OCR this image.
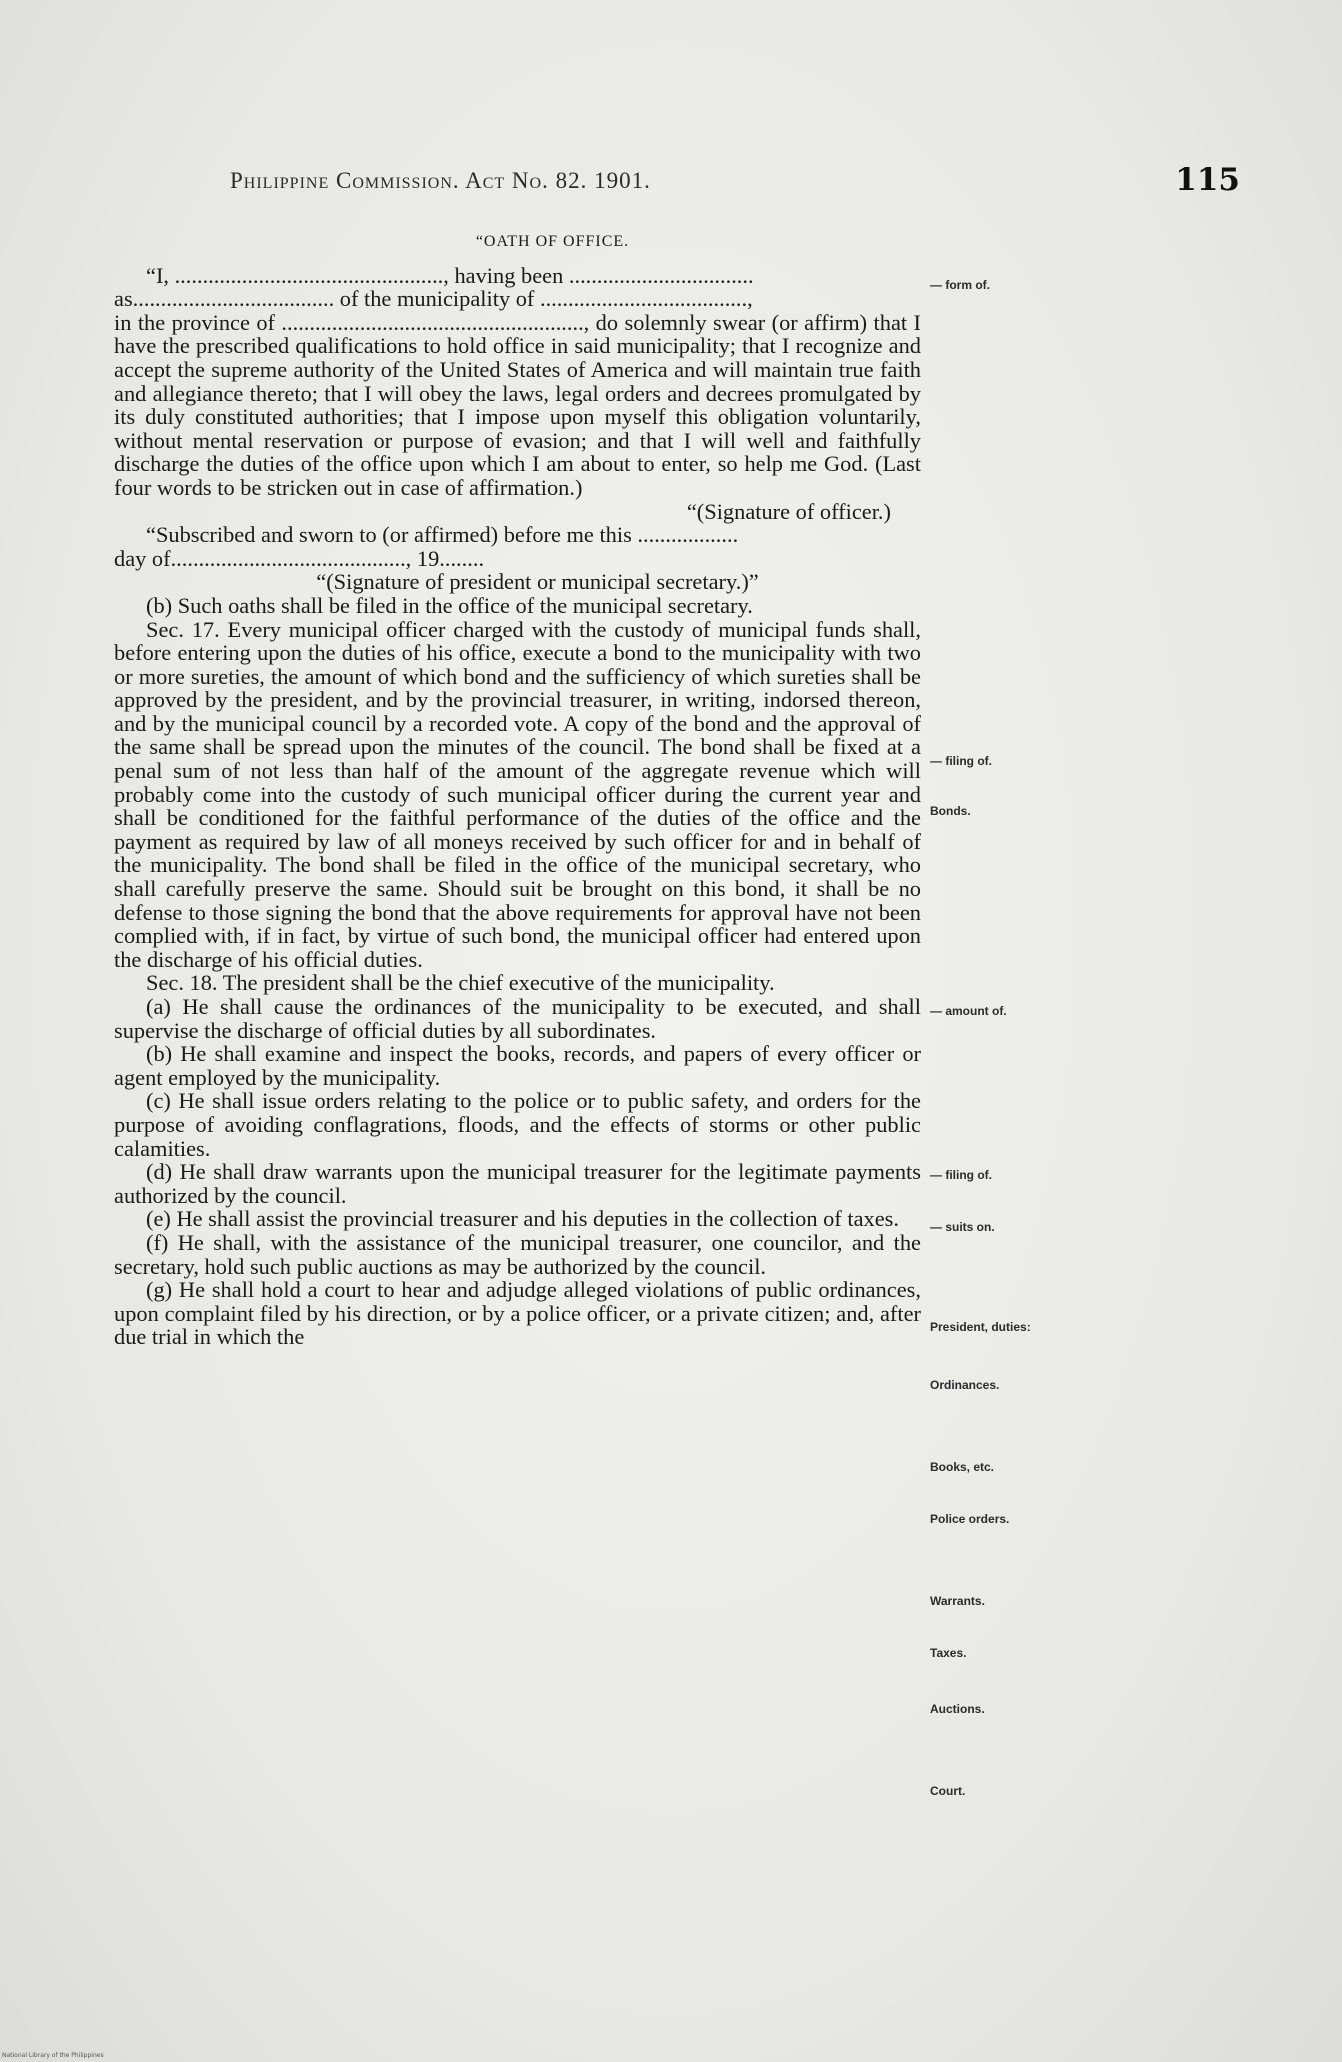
Philippine Commission. Act No. 82. 1901.	115

“OATH OF OFFICE.

“I, ................................................, having been .................................

as.................................... of the municipality of .....................................,

in the province of ......................................................, do solemnly swear (or affirm) that I have the prescribed qualifications to hold office in said municipality; that I recognize and accept the supreme authority of the United States of America and will maintain true faith and allegiance thereto; that I will obey the laws, legal orders and decrees promulgated by its duly constituted authorities; that I impose upon myself this obligation voluntarily, without mental reservation or purpose of evasion; and that I will well and faithfully discharge the duties of the office upon which I am about to enter, so help me God. (Last four words to be stricken out in case of affirmation.)

“(Signature of officer.)

“Subscribed and sworn to (or affirmed) before me this ..................

day of.........................................., 19........

“(Signature of president or municipal secretary.)”

(b) Such oaths shall be filed in the office of the municipal secretary.

Sec. 17. Every municipal officer charged with the custody of municipal funds shall, before entering upon the duties of his office, execute a bond to the municipality with two or more sureties, the amount of which bond and the sufficiency of which sureties shall be approved by the president, and by the provincial treasurer, in writing, indorsed thereon, and by the municipal council by a recorded vote. A copy of the bond and the approval of the same shall be spread upon the minutes of the council. The bond shall be fixed at a penal sum of not less than half of the amount of the aggregate revenue which will probably come into the custody of such municipal officer during the current year and shall be conditioned for the faithful performance of the duties of the office and the payment as required by law of all moneys received by such officer for and in behalf of the municipality. The bond shall be filed in the office of the municipal secretary, who shall carefully preserve the same. Should suit be brought on this bond, it shall be no defense to those signing the bond that the above requirements for approval have not been complied with, if in fact, by virtue of such bond, the municipal officer had entered upon the discharge of his official duties.

Sec. 18. The president shall be the chief executive of the municipality.

(a) He shall cause the ordinances of the municipality to be executed, and shall supervise the discharge of official duties by all subordinates.

(b) He shall examine and inspect the books, records, and papers of every officer or agent employed by the municipality.

(c) He shall issue orders relating to the police or to public safety, and orders for the purpose of avoiding conflagrations, floods, and the effects of storms or other public calamities.

(d) He shall draw warrants upon the municipal treasurer for the legitimate payments authorized by the council.

(e) He shall assist the provincial treasurer and his deputies in the collection of taxes.

(f) He shall, with the assistance of the municipal treasurer, one councilor, and the secretary, hold such public auctions as may be authorized by the council.

(g) He shall hold a court to hear and adjudge alleged violations of public ordinances, upon complaint filed by his direction, or by a police officer, or a private citizen; and, after due trial in which the

— form of.
— filing of.
Bonds.
— amount of.
— filing of.
— suits on.
President, duties:
Ordinances.
Books, etc.
Police orders.
Warrants.
Taxes.
Auctions.
Court.
National Library of the Philippines
